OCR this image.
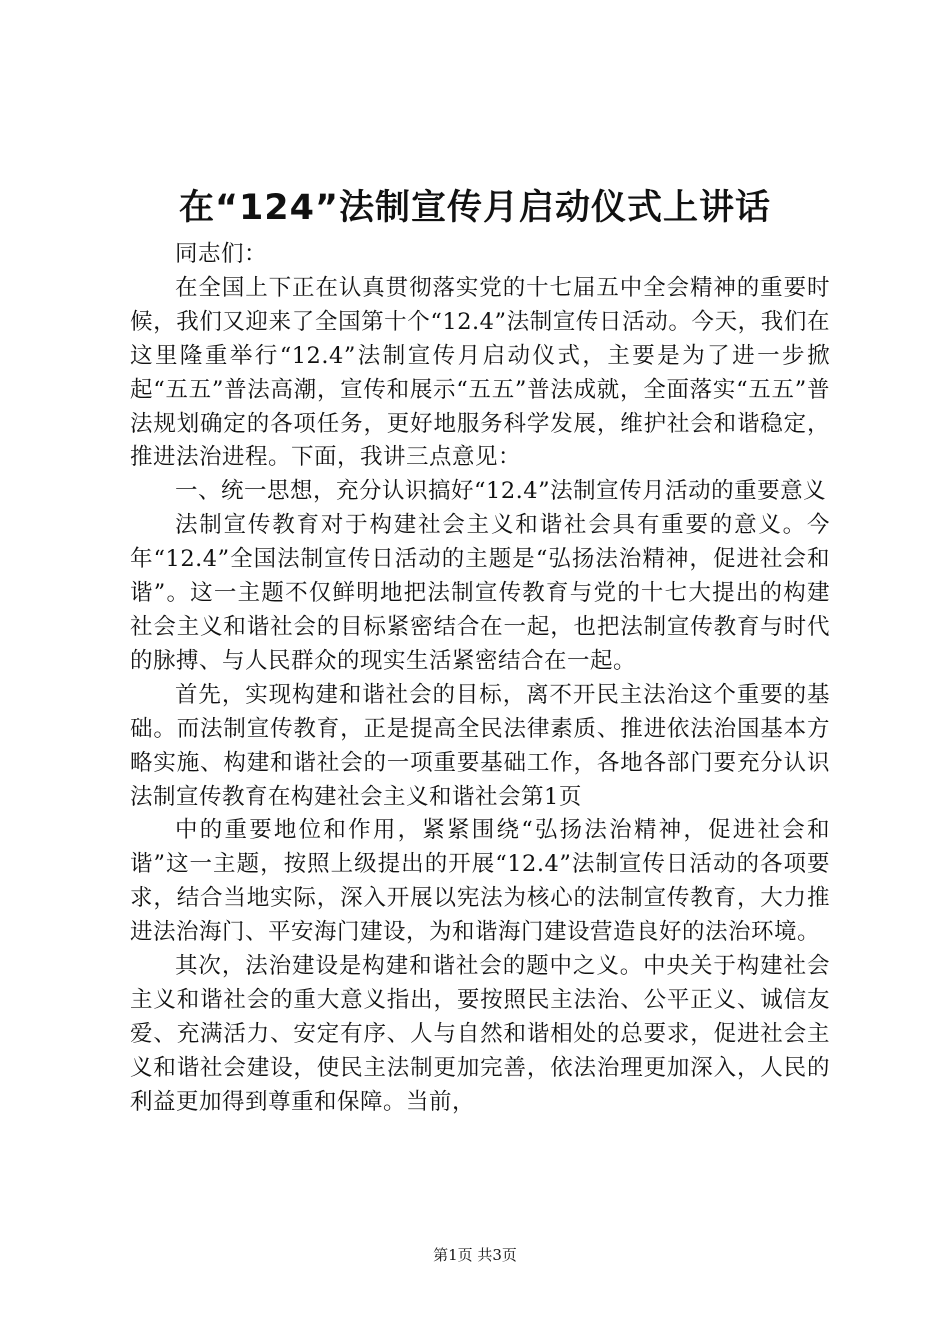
在“124”法制宣传月启动仪式上讲话

同志们：

在全国上下正在认真贯彻落实党的十七届五中全会精神的重要时候，我们又迎来了全国第十个“12.4”法制宣传日活动。今天，我们在这里隆重举行“12.4”法制宣传月启动仪式，主要是为了进一步掀起“五五”普法高潮，宣传和展示“五五”普法成就，全面落实“五五”普法规划确定的各项任务，更好地服务科学发展，维护社会和谐稳定，推进法治进程。下面，我讲三点意见：

一、统一思想，充分认识搞好“12.4”法制宣传月活动的重要意义

法制宣传教育对于构建社会主义和谐社会具有重要的意义。今年“12.4”全国法制宣传日活动的主题是“弘扬法治精神，促进社会和谐”。这一主题不仅鲜明地把法制宣传教育与党的十七大提出的构建社会主义和谐社会的目标紧密结合在一起，也把法制宣传教育与时代的脉搏、与人民群众的现实生活紧密结合在一起。

首先，实现构建和谐社会的目标，离不开民主法治这个重要的基础。而法制宣传教育，正是提高全民法律素质、推进依法治国基本方略实施、构建和谐社会的一项重要基础工作，各地各部门要充分认识法制宣传教育在构建社会主义和谐社会第1页

中的重要地位和作用，紧紧围绕“弘扬法治精神，促进社会和谐”这一主题，按照上级提出的开展“12.4”法制宣传日活动的各项要求，结合当地实际，深入开展以宪法为核心的法制宣传教育，大力推进法治海门、平安海门建设，为和谐海门建设营造良好的法治环境。

其次，法治建设是构建和谐社会的题中之义。中央关于构建社会主义和谐社会的重大意义指出，要按照民主法治、公平正义、诚信友爱、充满活力、安定有序、人与自然和谐相处的总要求，促进社会主义和谐社会建设，使民主法制更加完善，依法治理更加深入，人民的利益更加得到尊重和保障。当前，

第1页 共3页
